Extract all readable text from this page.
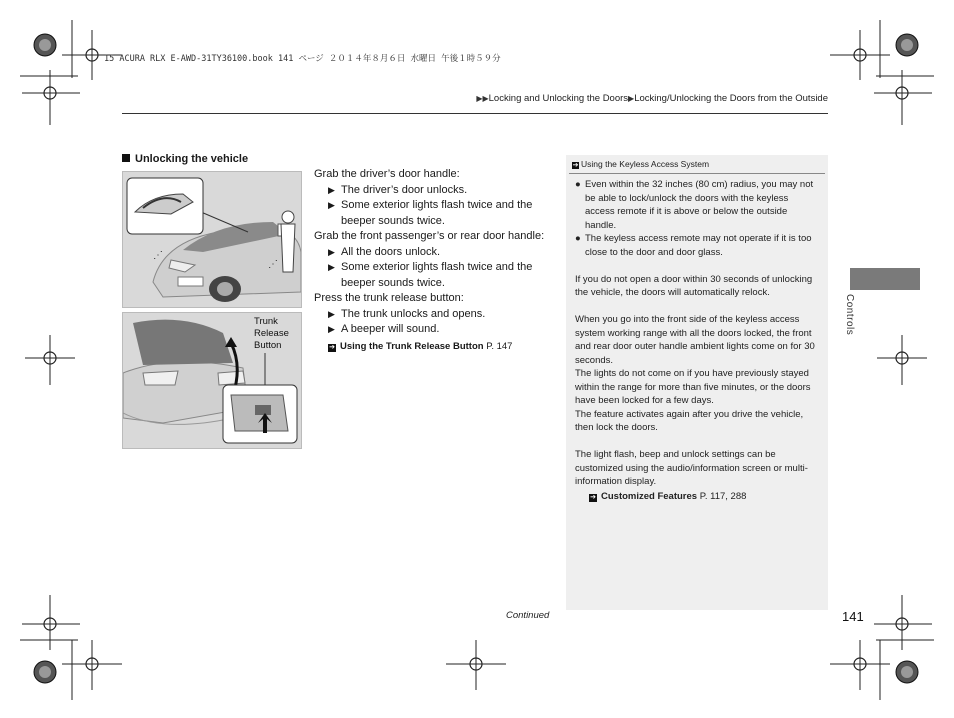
15 ACURA RLX E-AWD-31TY36100.book 141 ページ ２０１４年８月６日 水曜日 午後１時５９分
▶▶Locking and Unlocking the Doors▶Locking/Unlocking the Doors from the Outside
Unlocking the vehicle
⋰
⋰
Trunk
Release
Button

Grab the driver’s door handle:

▶ The driver’s door unlocks.

▶ Some exterior lights flash twice and the beeper sounds twice.

Grab the front passenger’s or rear door handle:

▶ All the doors unlock.

▶ Some exterior lights flash twice and the beeper sounds twice.

Press the trunk release button:

▶ The trunk unlocks and opens.

▶ A beeper will sound.

➔ Using the Trunk Release Button P. 147
➔ Using the Keyless Access System

● Even within the 32 inches (80 cm) radius, you may not be able to lock/unlock the doors with the keyless access remote if it is above or below the outside handle.

● The keyless access remote may not operate if it is too close to the door and door glass.

If you do not open a door within 30 seconds of unlocking the vehicle, the doors will automatically relock.

When you go into the front side of the keyless access system working range with all the doors locked, the front and rear door outer handle ambient lights come on for 30 seconds.

The lights do not come on if you have previously stayed within the range for more than five minutes, or the doors have been locked for a few days.

The feature activates again after you drive the vehicle, then lock the doors.

The light flash, beep and unlock settings can be customized using the audio/information screen or multi-information display.

➔ Customized Features P. 117, 288
Controls
Continued	141
